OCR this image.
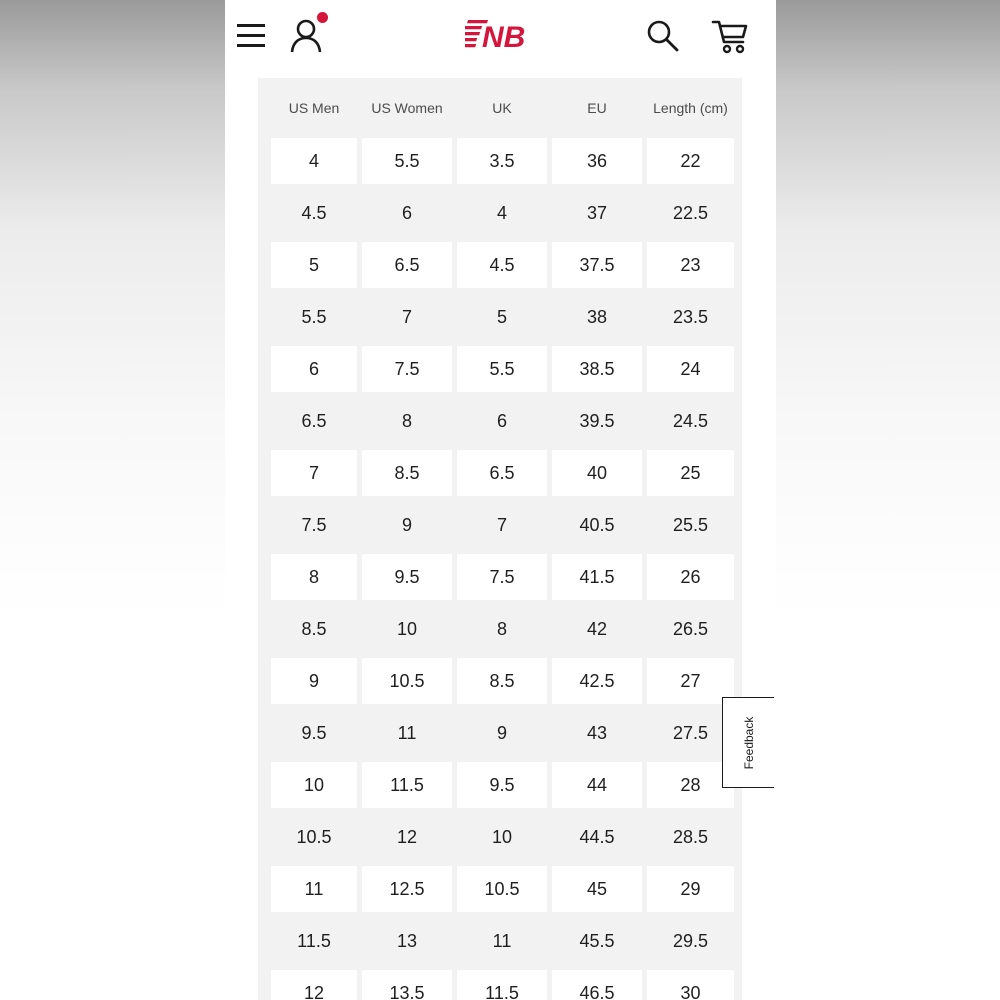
NB
US Men	US Women	UK	EU	Length (cm)
4	5.5	3.5	36	22
4.5	6	4	37	22.5
5	6.5	4.5	37.5	23
5.5	7	5	38	23.5
6	7.5	5.5	38.5	24
6.5	8	6	39.5	24.5
7	8.5	6.5	40	25
7.5	9	7	40.5	25.5
8	9.5	7.5	41.5	26
8.5	10	8	42	26.5
9	10.5	8.5	42.5	27
9.5	11	9	43	27.5
10	11.5	9.5	44	28
10.5	12	10	44.5	28.5
11	12.5	10.5	45	29
11.5	13	11	45.5	29.5
12	13.5	11.5	46.5	30
Feedback
